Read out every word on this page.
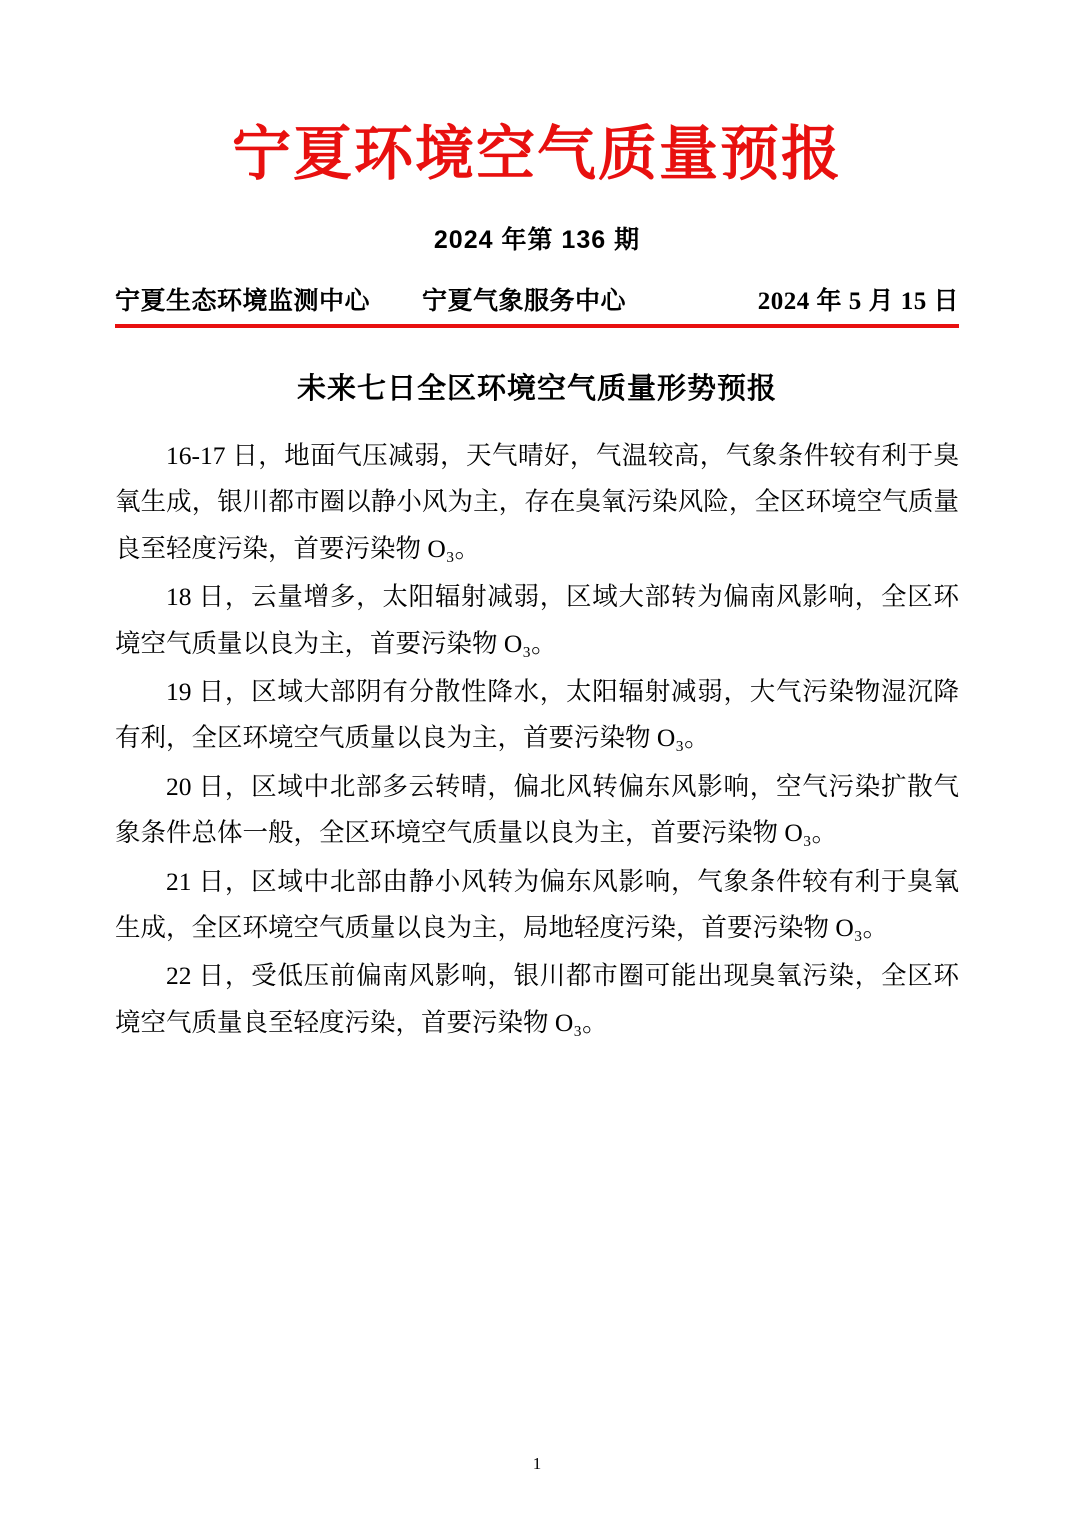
宁夏环境空气质量预报
2024 年第 136 期
宁夏生态环境监测中心 宁夏气象服务中心	2024 年 5 月 15 日
未来七日全区环境空气质量形势预报

16-17 日，地面气压减弱，天气晴好，气温较高，气象条件较有利于臭氧生成，银川都市圈以静小风为主，存在臭氧污染风险，全区环境空气质量良至轻度污染，首要污染物 O₃。

18 日，云量增多，太阳辐射减弱，区域大部转为偏南风影响，全区环境空气质量以良为主，首要污染物 O₃。

19 日，区域大部阴有分散性降水，太阳辐射减弱，大气污染物湿沉降有利，全区环境空气质量以良为主，首要污染物 O₃。

20 日，区域中北部多云转晴，偏北风转偏东风影响，空气污染扩散气象条件总体一般，全区环境空气质量以良为主，首要污染物 O₃。

21 日，区域中北部由静小风转为偏东风影响，气象条件较有利于臭氧生成，全区环境空气质量以良为主，局地轻度污染，首要污染物 O₃。

22 日，受低压前偏南风影响，银川都市圈可能出现臭氧污染，全区环境空气质量良至轻度污染，首要污染物 O₃。

1
